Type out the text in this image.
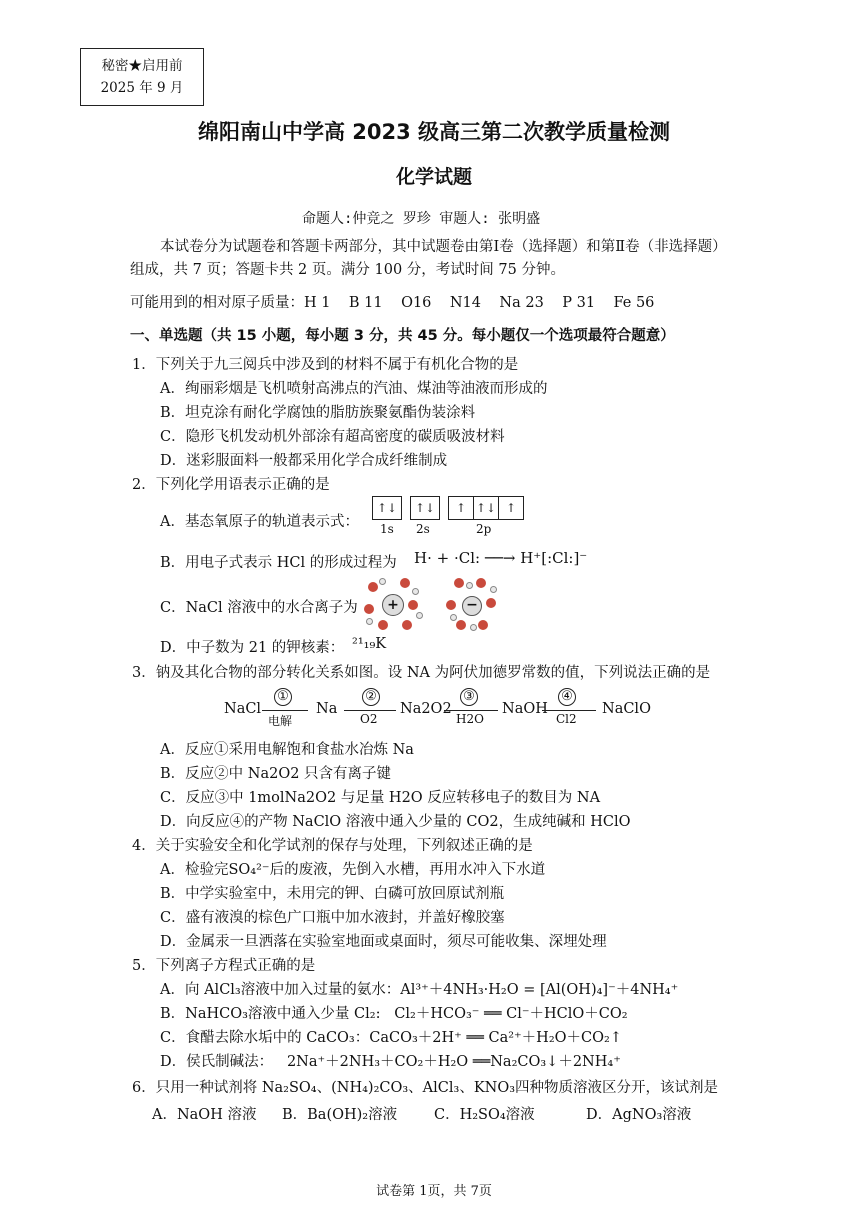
秘密★启用前
2025 年 9 月
绵阳南山中学高 2023 级高三第二次教学质量检测
化学试题
命题人:仲竞之 罗珍 审题人: 张明盛
本试卷分为试题卷和答题卡两部分，其中试题卷由第Ⅰ卷（选择题）和第Ⅱ卷（非选择题）
组成，共 7 页；答题卡共 2 页。满分 100 分，考试时间 75 分钟。
可能用到的相对原子质量：H 1    B 11    O16    N14    Na 23    P 31    Fe 56
一、单选题（共 15 小题，每小题 3 分，共 45 分。每小题仅一个选项最符合题意）
1．下列关于九三阅兵中涉及到的材料不属于有机化合物的是
A．绚丽彩烟是飞机喷射高沸点的汽油、煤油等油液而形成的
B．坦克涂有耐化学腐蚀的脂肪族聚氨酯伪装涂料
C．隐形飞机发动机外部涂有超高密度的碳质吸波材料
D．迷彩服面料一般都采用化学合成纤维制成
2．下列化学用语表示正确的是
A．基态氧原子的轨道表示式：
↑↓ ↑↓ ↑ ↑↓ ↑
1s 2s	2p
B．用电子式表示 HCl 的形成过程为 H· + ·Cl: ──→ H⁺[:Cl:]⁻
C．NaCl 溶液中的水合离子为	+	−
D．中子数为 21 的钾核素： ²¹₁₉K
3．钠及其化合物的部分转化关系如图。设 NA 为阿伏加德罗常数的值，下列说法正确的是
NaCl
①
电解
Na
②
O2
Na2O2
③
H2O
NaOH
④
Cl2
NaClO
A．反应①采用电解饱和食盐水冶炼 Na
B．反应②中 Na2O2 只含有离子键
C．反应③中 1molNa2O2 与足量 H2O 反应转移电子的数目为 NA
D．向反应④的产物 NaClO 溶液中通入少量的 CO2，生成纯碱和 HClO
4．关于实验安全和化学试剂的保存与处理，下列叙述正确的是
A．检验完SO₄²⁻后的废液，先倒入水槽，再用水冲入下水道
B．中学实验室中，未用完的钾、白磷可放回原试剂瓶
C．盛有液溴的棕色广口瓶中加水液封，并盖好橡胶塞
D．金属汞一旦洒落在实验室地面或桌面时，须尽可能收集、深埋处理
5．下列离子方程式正确的是
A．向 AlCl₃溶液中加入过量的氨水：Al³⁺＋4NH₃·H₂O = [Al(OH)₄]⁻＋4NH₄⁺
B．NaHCO₃溶液中通入少量 Cl₂:   Cl₂＋HCO₃⁻ ══ Cl⁻＋HClO＋CO₂
C．食醋去除水垢中的 CaCO₃：CaCO₃＋2H⁺ ══ Ca²⁺＋H₂O＋CO₂↑
D．侯氏制碱法：   2Na⁺＋2NH₃＋CO₂＋H₂O ══Na₂CO₃↓＋2NH₄⁺
6．只用一种试剂将 Na₂SO₄、(NH₄)₂CO₃、AlCl₃、KNO₃四种物质溶液区分开，该试剂是
A．NaOH 溶液 B．Ba(OH)₂溶液	C．H₂SO₄溶液	D．AgNO₃溶液
试卷第 1页，共 7页
